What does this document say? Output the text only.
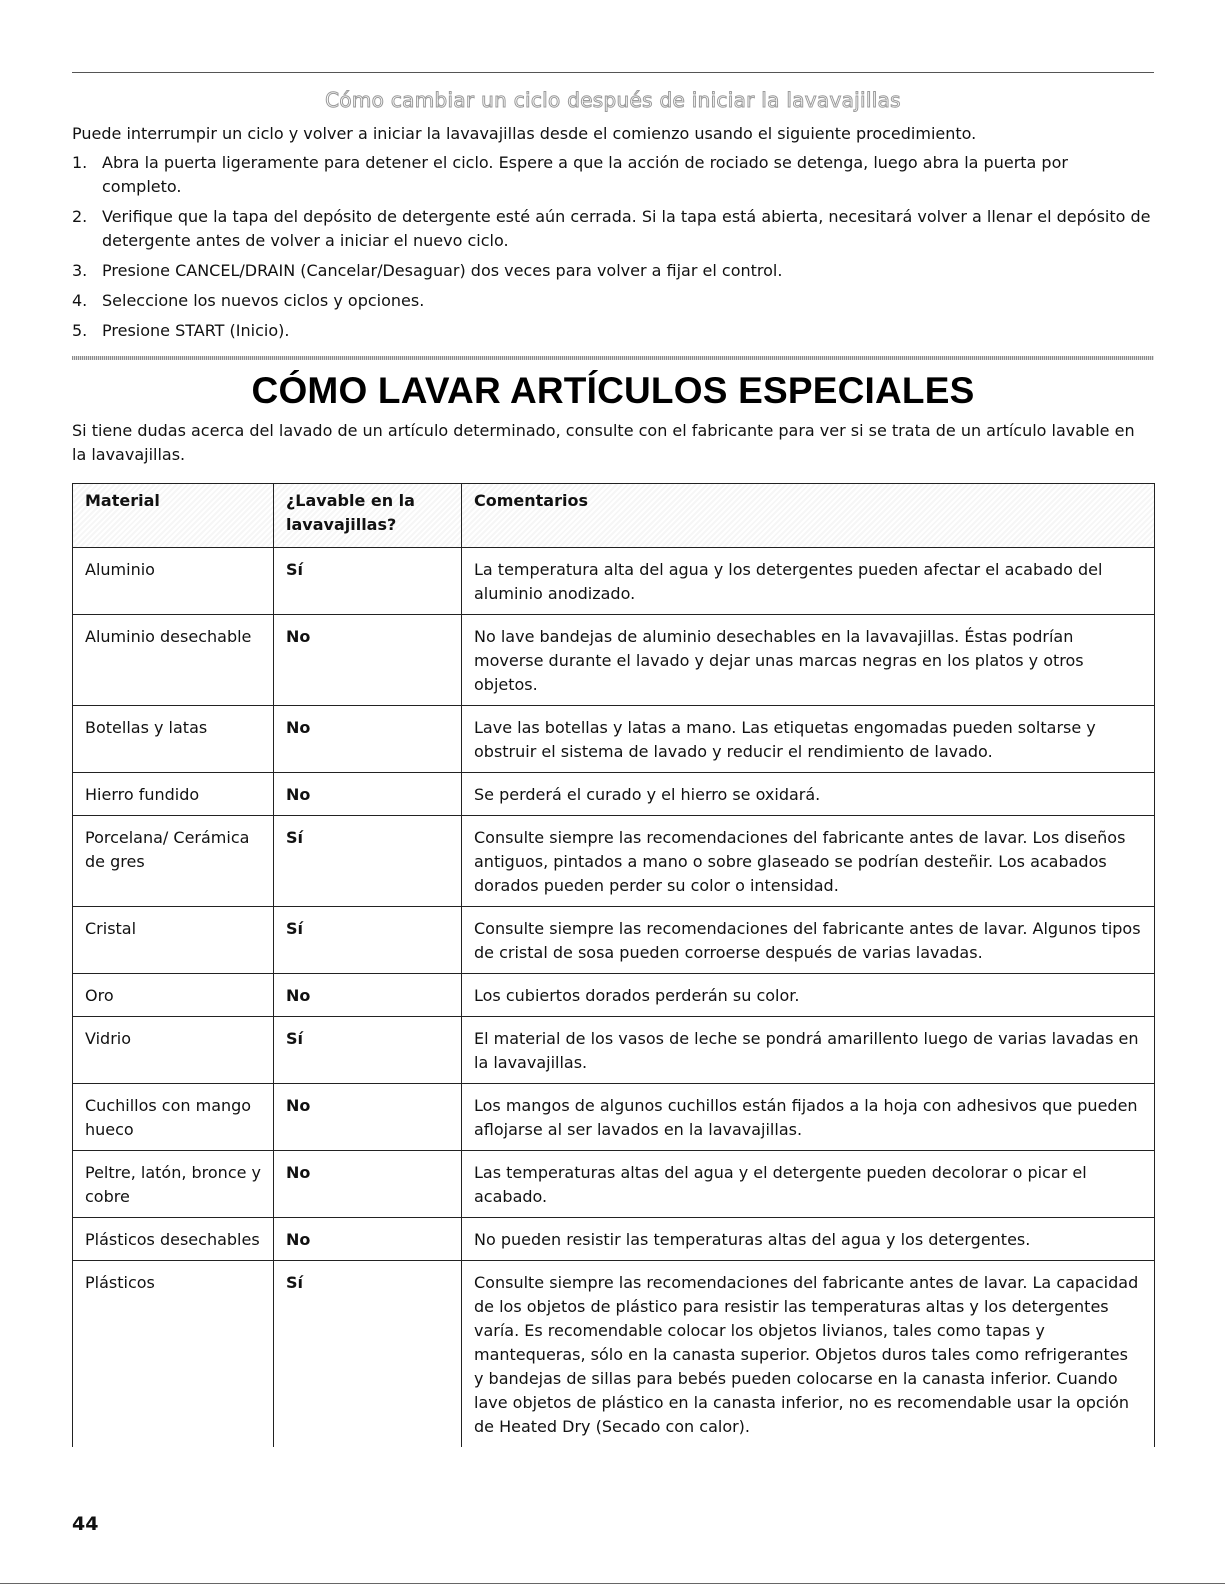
Cómo cambiar un ciclo después de iniciar la lavavajillas
Puede interrumpir un ciclo y volver a iniciar la lavavajillas desde el comienzo usando el siguiente procedimiento.
1. Abra la puerta ligeramente para detener el ciclo. Espere a que la acción de rociado se detenga, luego abra la puerta por completo.
2. Verifique que la tapa del depósito de detergente esté aún cerrada. Si la tapa está abierta, necesitará volver a llenar el depósito de detergente antes de volver a iniciar el nuevo ciclo.
3. Presione CANCEL/DRAIN (Cancelar/Desaguar) dos veces para volver a fijar el control.
4. Seleccione los nuevos ciclos y opciones.
5. Presione START (Inicio).
CÓMO LAVAR ARTÍCULOS ESPECIALES
Si tiene dudas acerca del lavado de un artículo determinado, consulte con el fabricante para ver si se trata de un artículo lavable en la lavavajillas.
Material	¿Lavable en la lavavajillas?	Comentarios
Aluminio	Sí	La temperatura alta del agua y los detergentes pueden afectar el acabado del aluminio anodizado.
Aluminio desechable	No	No lave bandejas de aluminio desechables en la lavavajillas. Éstas podrían moverse durante el lavado y dejar unas marcas negras en los platos y otros objetos.
Botellas y latas	No	Lave las botellas y latas a mano. Las etiquetas engomadas pueden soltarse y obstruir el sistema de lavado y reducir el rendimiento de lavado.
Hierro fundido	No	Se perderá el curado y el hierro se oxidará.
Porcelana/ Cerámica de gres	Sí	Consulte siempre las recomendaciones del fabricante antes de lavar. Los diseños antiguos, pintados a mano o sobre glaseado se podrían desteñir. Los acabados dorados pueden perder su color o intensidad.
Cristal	Sí	Consulte siempre las recomendaciones del fabricante antes de lavar. Algunos tipos de cristal de sosa pueden corroerse después de varias lavadas.
Oro	No	Los cubiertos dorados perderán su color.
Vidrio	Sí	El material de los vasos de leche se pondrá amarillento luego de varias lavadas en la lavavajillas.
Cuchillos con mango hueco	No	Los mangos de algunos cuchillos están fijados a la hoja con adhesivos que pueden aflojarse al ser lavados en la lavavajillas.
Peltre, latón, bronce y cobre	No	Las temperaturas altas del agua y el detergente pueden decolorar o picar el acabado.
Plásticos desechables	No	No pueden resistir las temperaturas altas del agua y los detergentes.
Plásticos	Sí	Consulte siempre las recomendaciones del fabricante antes de lavar. La capacidad de los objetos de plástico para resistir las temperaturas altas y los detergentes varía. Es recomendable colocar los objetos livianos, tales como tapas y mantequeras, sólo en la canasta superior. Objetos duros tales como refrigerantes y bandejas de sillas para bebés pueden colocarse en la canasta inferior. Cuando lave objetos de plástico en la canasta inferior, no es recomendable usar la opción de Heated Dry (Secado con calor).
44
